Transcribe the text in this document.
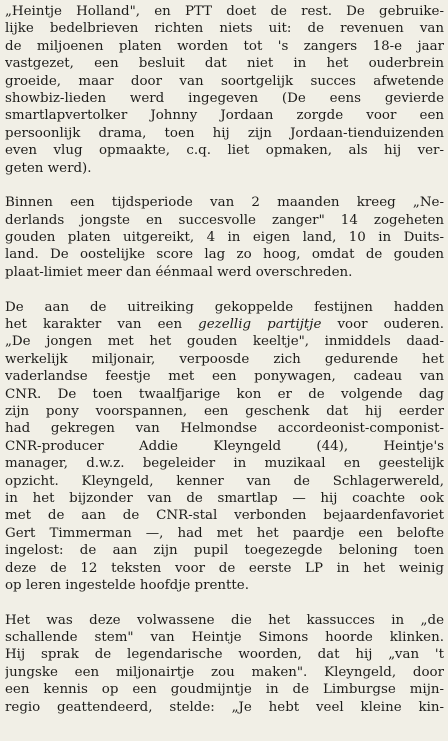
„Heintje Holland", en PTT doet de rest. De gebruike-
lijke bedelbrieven richten niets uit: de revenuen van
de miljoenen platen worden tot 's zangers 18-e jaar
vastgezet, een besluit dat niet in het ouderbrein
groeide, maar door van soortgelijk succes afwetende
showbiz-lieden werd ingegeven (De eens gevierde
smartlapvertolker Johnny Jordaan zorgde voor een
persoonlijk drama, toen hij zijn Jordaan-tienduizenden
even vlug opmaakte, c.q. liet opmaken, als hij ver-
geten werd).

Binnen een tijdsperiode van 2 maanden kreeg „Ne-
derlands jongste en succesvolle zanger" 14 zogeheten
gouden platen uitgereikt, 4 in eigen land, 10 in Duits-
land. De oostelijke score lag zo hoog, omdat de gouden
plaat-limiet meer dan éénmaal werd overschreden.

De aan de uitreiking gekoppelde festijnen hadden
het karakter van een gezellig partijtje voor ouderen.
„De jongen met het gouden keeltje", inmiddels daad-
werkelijk miljonair, verpoosde zich gedurende het
vaderlandse feestje met een ponywagen, cadeau van
CNR. De toen twaalfjarige kon er de volgende dag
zijn pony voorspannen, een geschenk dat hij eerder
had gekregen van Helmondse accordeonist-componist-
CNR-producer Addie Kleyngeld (44), Heintje's
manager, d.w.z. begeleider in muzikaal en geestelijk
opzicht. Kleyngeld, kenner van de Schlagerwereld,
in het bijzonder van de smartlap — hij coachte ook
met de aan de CNR-stal verbonden bejaardenfavoriet
Gert Timmerman —, had met het paardje een belofte
ingelost: de aan zijn pupil toegezegde beloning toen
deze de 12 teksten voor de eerste LP in het weinig
op leren ingestelde hoofdje prentte.

Het was deze volwassene die het kassucces in „de
schallende stem" van Heintje Simons hoorde klinken.
Hij sprak de legendarische woorden, dat hij „van 't
jungske een miljonairtje zou maken". Kleyngeld, door
een kennis op een goudmijntje in de Limburgse mijn-
regio geattendeerd, stelde: „Je hebt veel kleine kin-
